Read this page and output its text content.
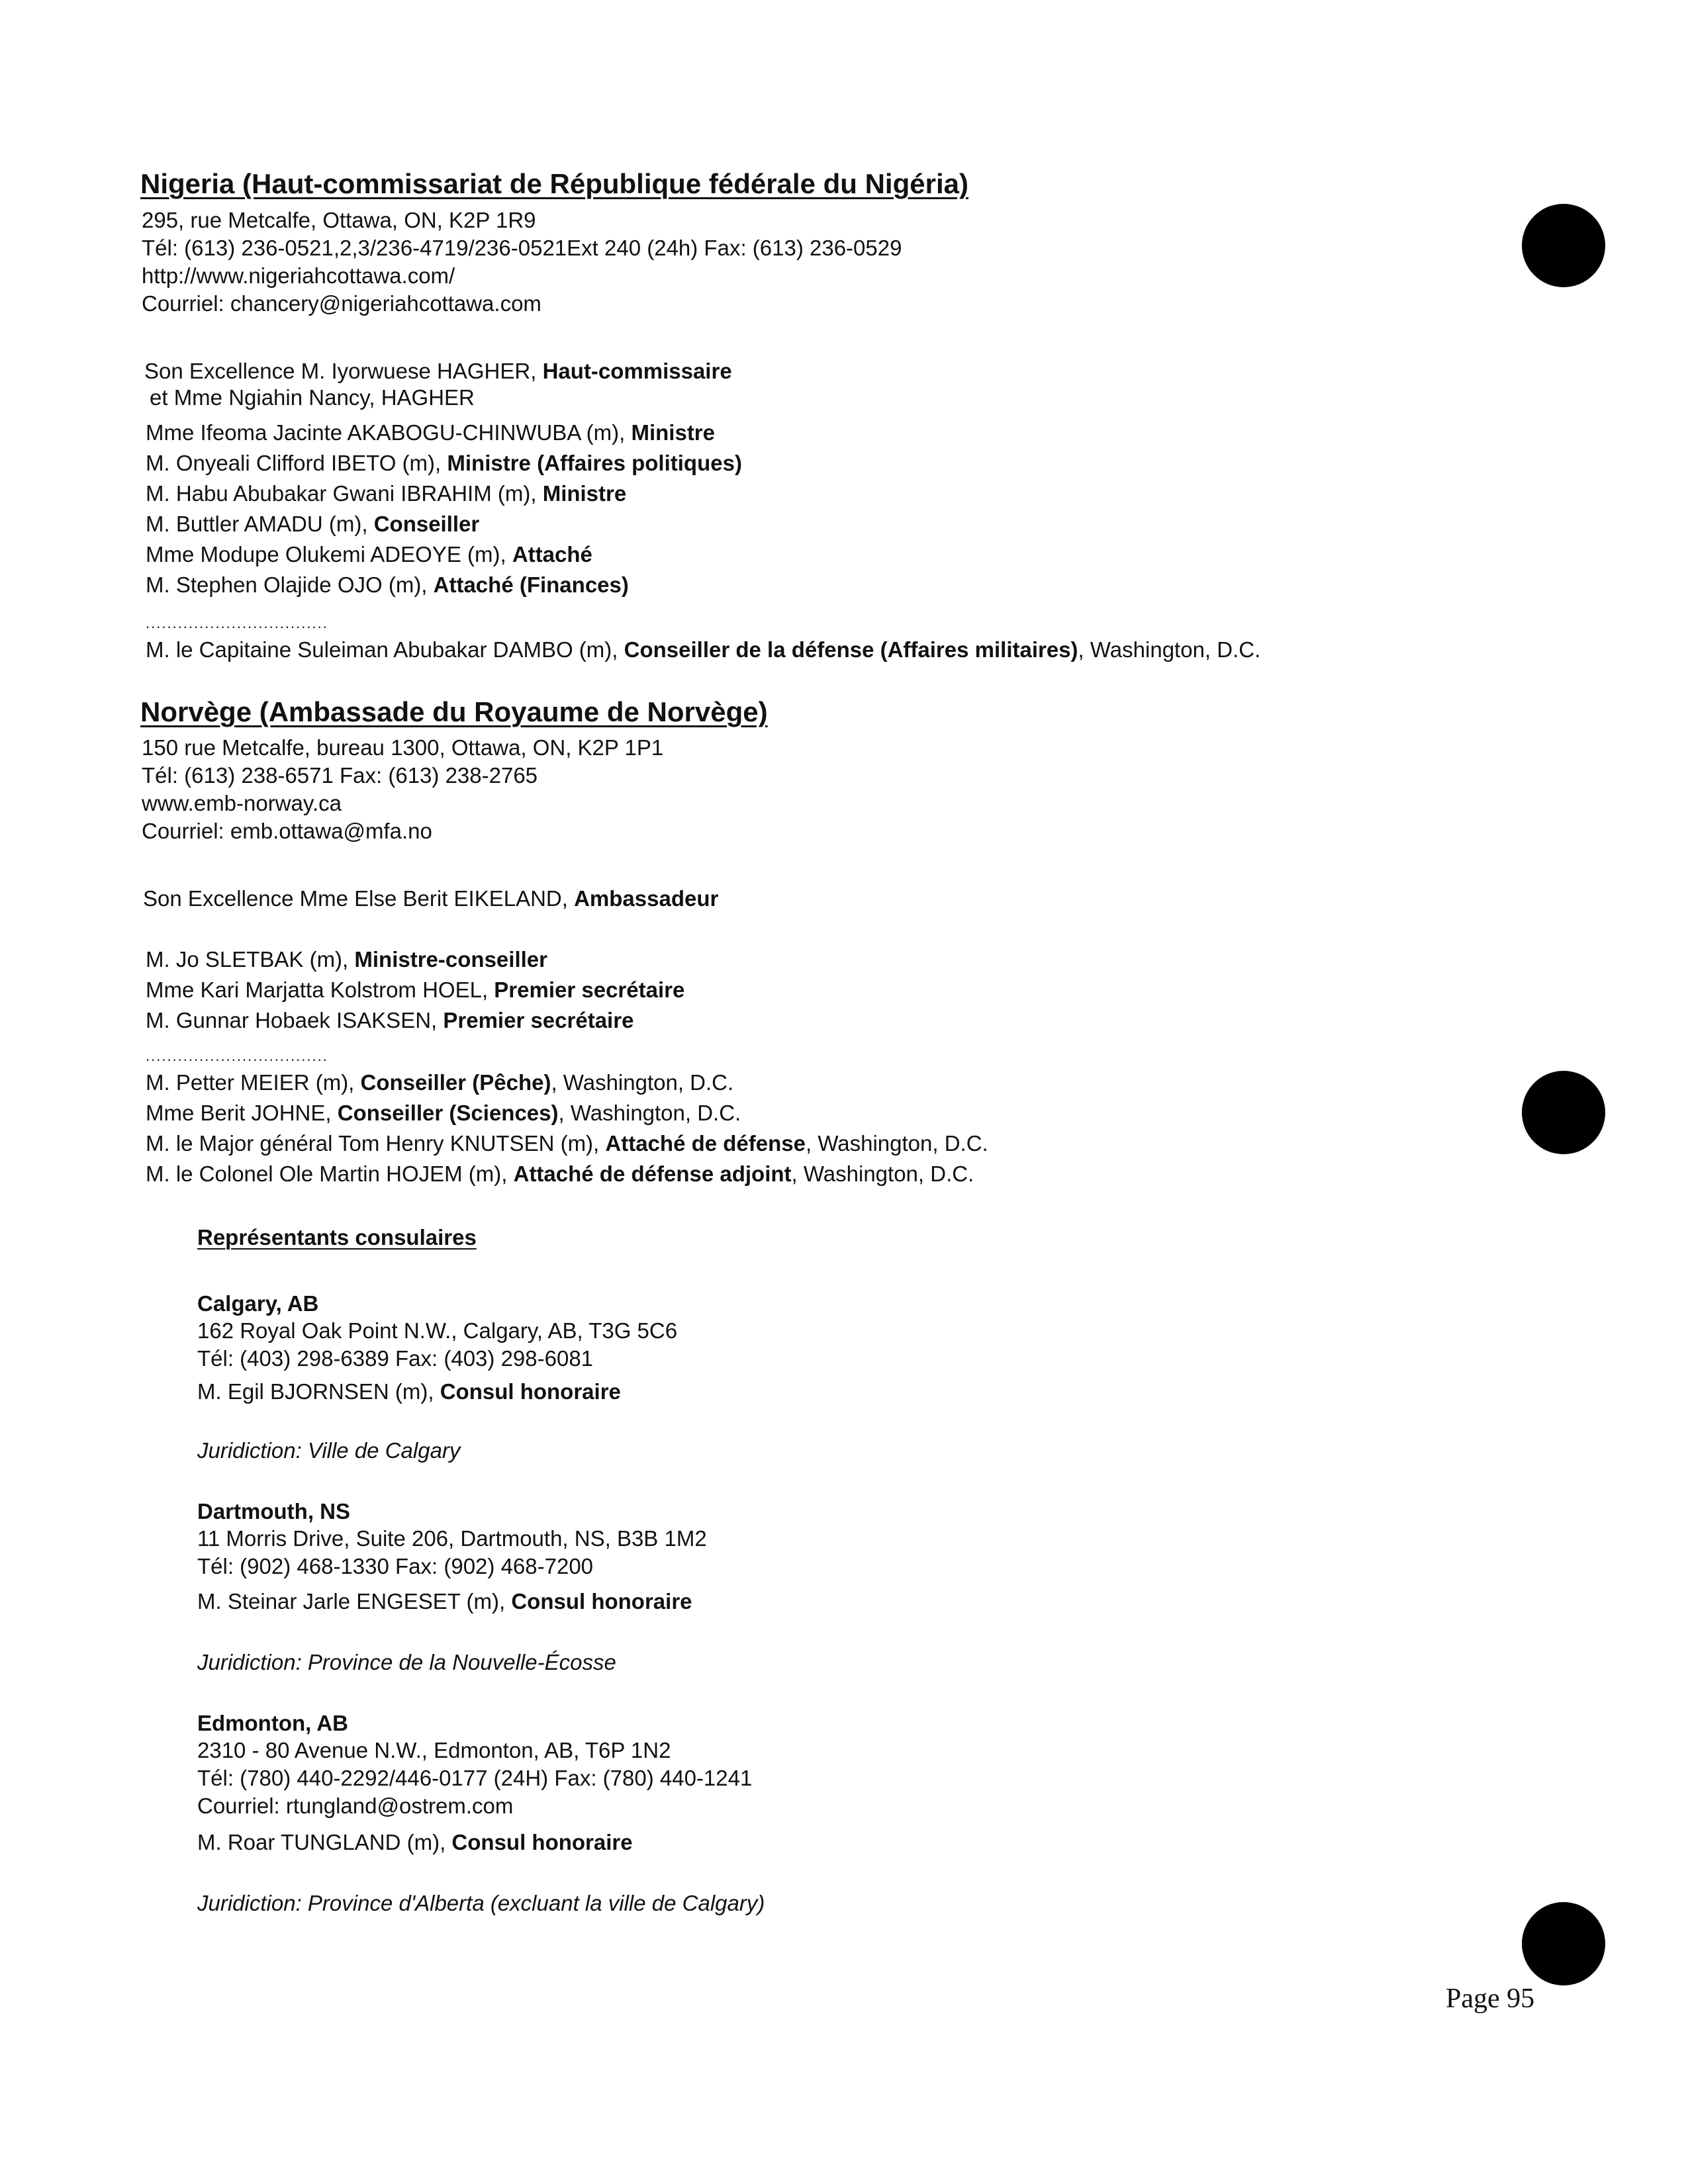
Nigeria (Haut-commissariat de République fédérale du Nigéria)
295, rue Metcalfe, Ottawa, ON, K2P 1R9
Tél: (613) 236-0521,2,3/236-4719/236-0521Ext 240 (24h) Fax: (613) 236-0529
http://www.nigeriahcottawa.com/
Courriel: chancery@nigeriahcottawa.com
Son Excellence M. Iyorwuese HAGHER, Haut-commissaire
et Mme Ngiahin Nancy, HAGHER
Mme Ifeoma Jacinte AKABOGU-CHINWUBA (m), Ministre
M. Onyeali Clifford IBETO (m), Ministre (Affaires politiques)
M. Habu Abubakar Gwani IBRAHIM (m), Ministre
M. Buttler AMADU (m), Conseiller
Mme Modupe Olukemi ADEOYE (m), Attaché
M. Stephen Olajide OJO (m), Attaché (Finances)
..................................
M. le Capitaine Suleiman Abubakar DAMBO (m), Conseiller de la défense (Affaires militaires), Washington, D.C.
Norvège (Ambassade du Royaume de Norvège)
150 rue Metcalfe, bureau 1300, Ottawa, ON, K2P 1P1
Tél: (613) 238-6571 Fax: (613) 238-2765
www.emb-norway.ca
Courriel: emb.ottawa@mfa.no
Son Excellence Mme Else Berit EIKELAND, Ambassadeur
M. Jo SLETBAK (m), Ministre-conseiller
Mme Kari Marjatta Kolstrom HOEL, Premier secrétaire
M. Gunnar Hobaek ISAKSEN, Premier secrétaire
..................................
M. Petter MEIER (m), Conseiller (Pêche), Washington, D.C.
Mme Berit JOHNE, Conseiller (Sciences), Washington, D.C.
M. le Major général Tom Henry KNUTSEN (m), Attaché de défense, Washington, D.C.
M. le Colonel Ole Martin HOJEM (m), Attaché de défense adjoint, Washington, D.C.
Représentants consulaires
Calgary, AB
162 Royal Oak Point N.W., Calgary, AB, T3G 5C6
Tél: (403) 298-6389 Fax: (403) 298-6081
M. Egil BJORNSEN (m), Consul honoraire
Juridiction: Ville de Calgary
Dartmouth, NS
11 Morris Drive, Suite 206, Dartmouth, NS, B3B 1M2
Tél: (902) 468-1330 Fax: (902) 468-7200
M. Steinar Jarle ENGESET (m), Consul honoraire
Juridiction: Province de la Nouvelle-Écosse
Edmonton, AB
2310 - 80 Avenue N.W., Edmonton, AB, T6P 1N2
Tél: (780) 440-2292/446-0177 (24H) Fax: (780) 440-1241
Courriel: rtungland@ostrem.com
M. Roar TUNGLAND (m), Consul honoraire
Juridiction: Province d'Alberta (excluant la ville de Calgary)
Page 95
